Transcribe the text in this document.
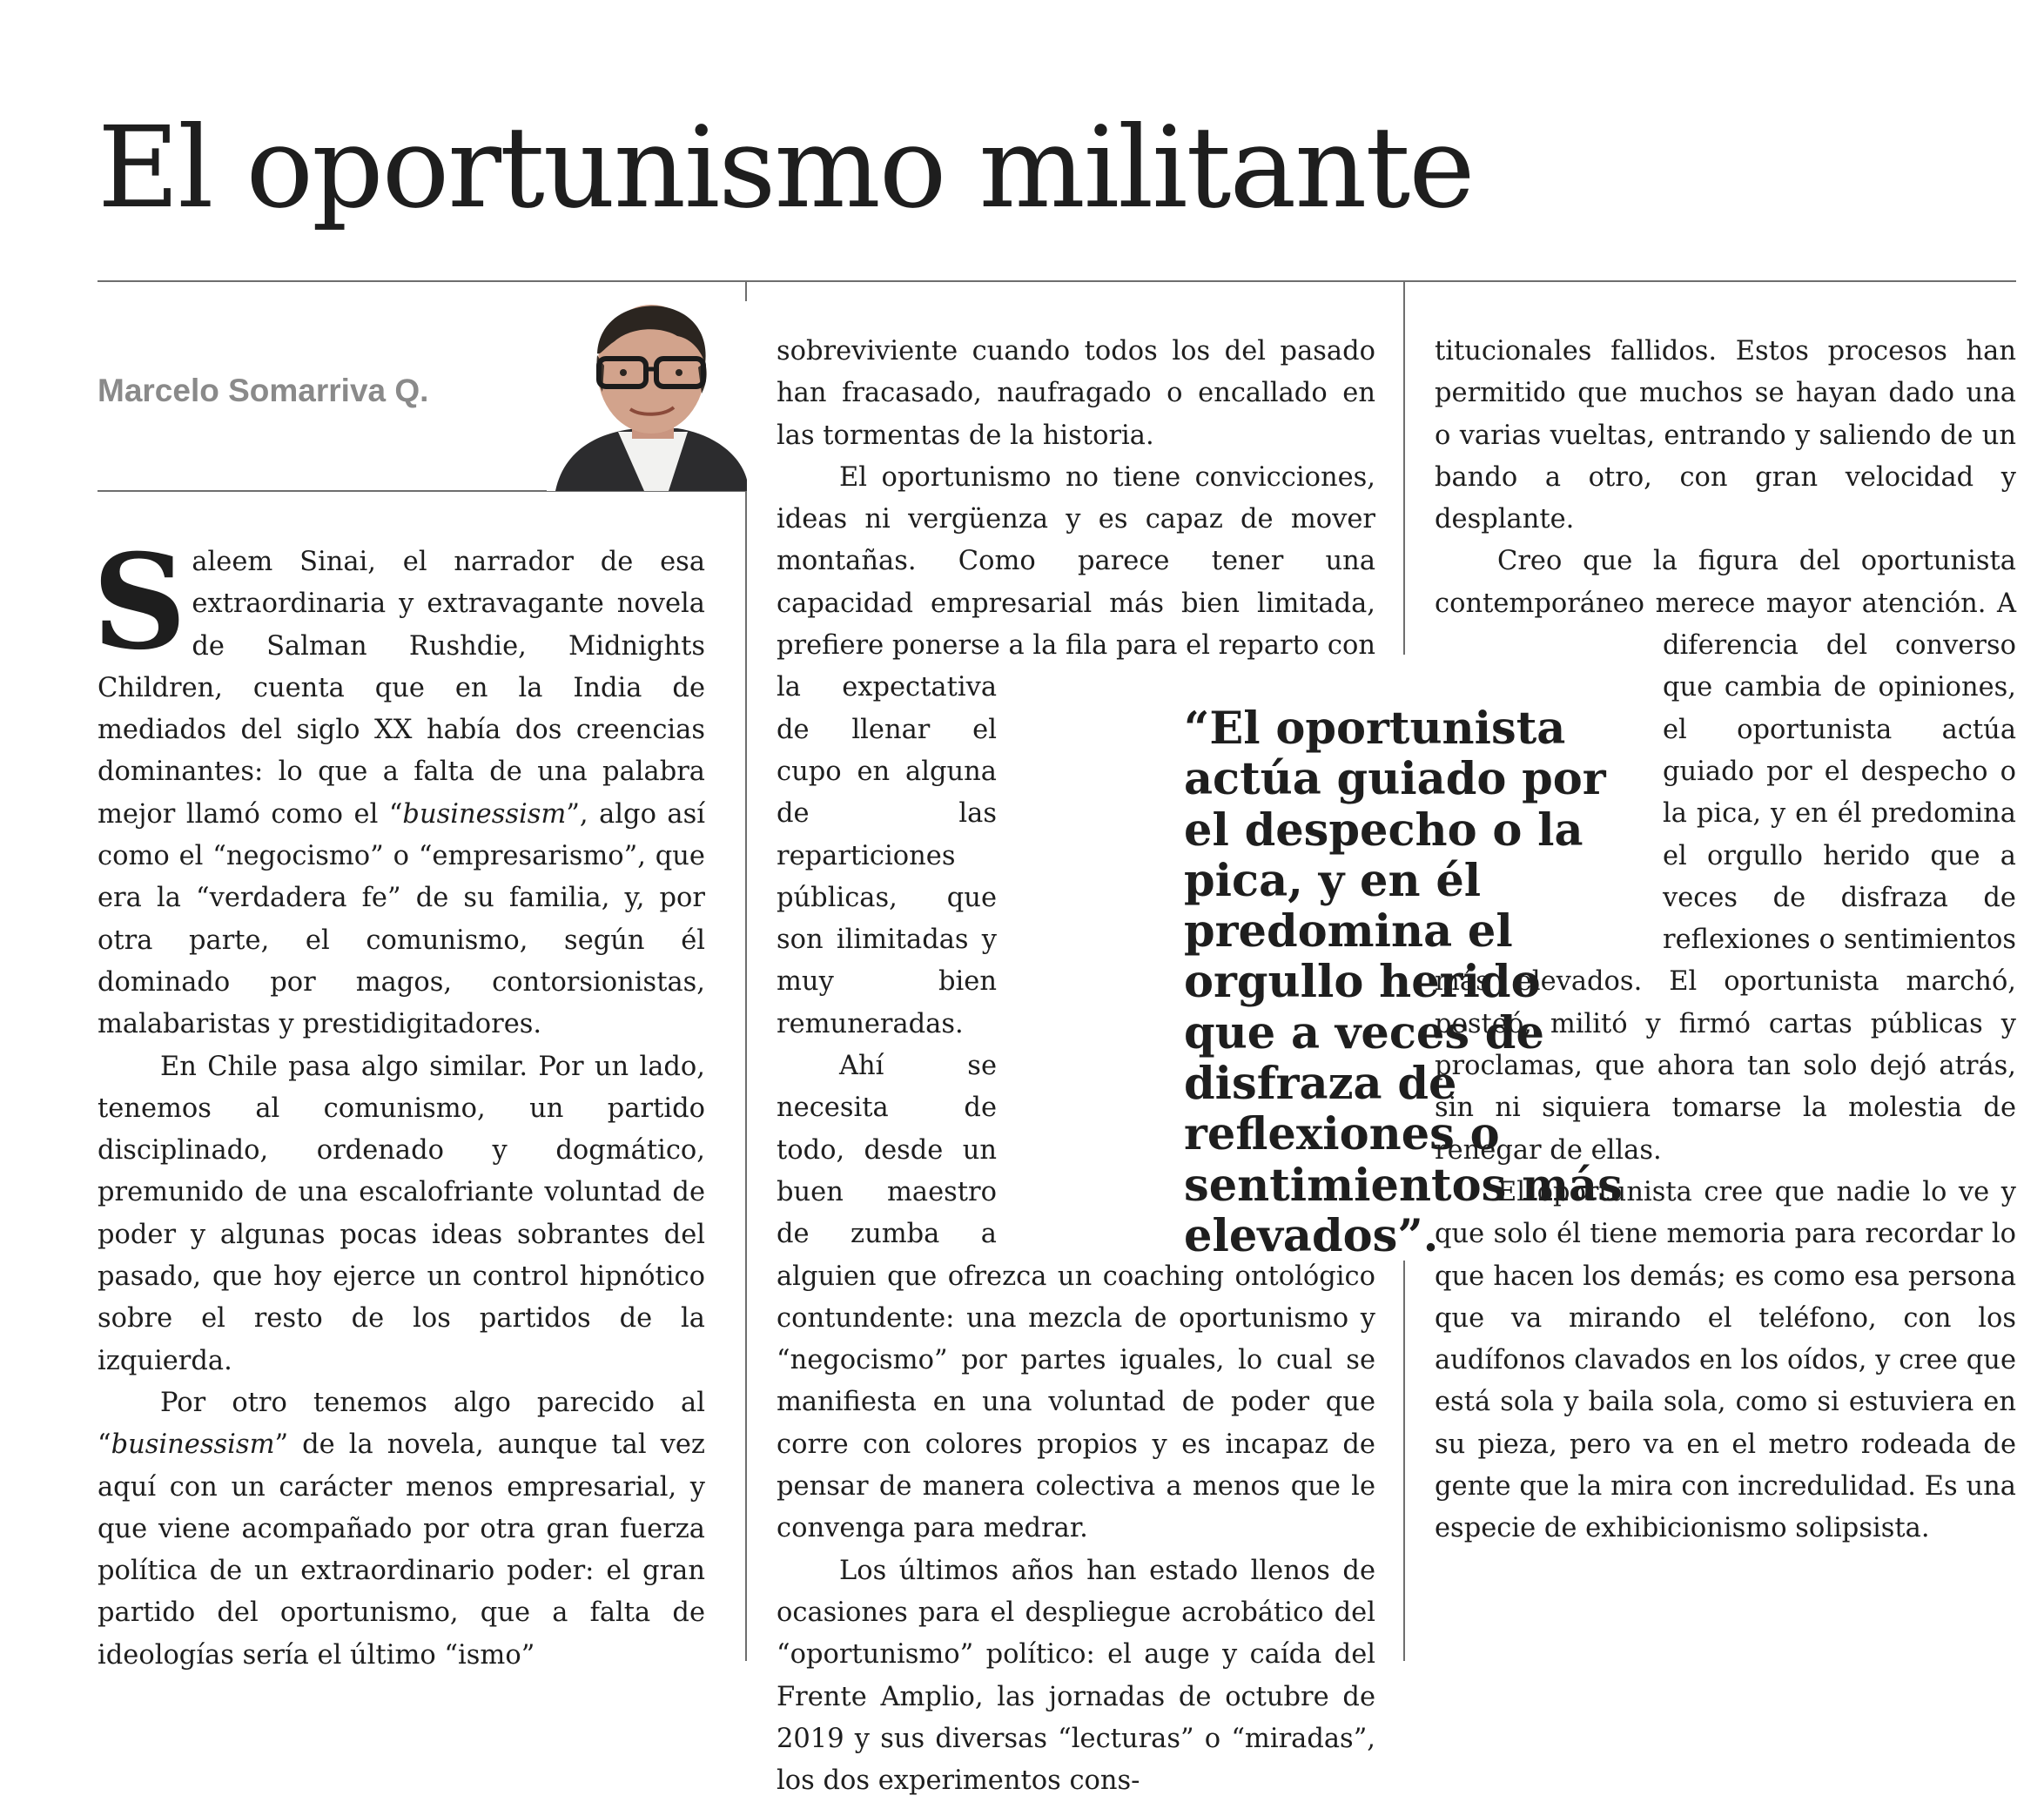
El oportunismo militante
Marcelo Somarriva Q.

Saleem Sinai, el narrador de esa extraordinaria y extravagante novela de Salman Rushdie, Midnights Children, cuenta que en la India de mediados del siglo XX había dos creencias dominantes: lo que a falta de una palabra mejor llamó como el “businessism”, algo así como el “negocismo” o “empresarismo”, que era la “verdadera fe” de su familia, y, por otra parte, el comunismo, según él dominado por magos, contorsionistas, malabaristas y prestidigitadores.

En Chile pasa algo similar. Por un lado, tenemos al comunismo, un partido disciplinado, ordenado y dogmático, premunido de una escalofriante voluntad de poder y algunas pocas ideas sobrantes del pasado, que hoy ejerce un control hipnótico sobre el resto de los partidos de la izquierda.

Por otro tenemos algo parecido al “businessism” de la novela, aunque tal vez aquí con un carácter menos empresarial, y que viene acompañado por otra gran fuerza política de un extraordinario poder: el gran partido del oportunismo, que a falta de ideologías sería el último “ismo”

sobreviviente cuando todos los del pasado han fracasado, naufragado o encallado en las tormentas de la historia.

El oportunismo no tiene convicciones, ideas ni vergüenza y es capaz de mover montañas. Como parece tener una capacidad empresarial más bien limitada, prefiere ponerse a la fila para el reparto con la expectativa de llenar el cupo en alguna de las reparticiones públicas, que son ilimitadas y muy bien remuneradas.

Ahí se necesita de todo, desde un buen maestro de zumba a alguien que ofrezca un coaching ontológico contundente: una mezcla de oportunismo y “negocismo” por partes iguales, lo cual se manifiesta en una voluntad de poder que corre con colores propios y es incapaz de pensar de manera colectiva a menos que le convenga para medrar.

Los últimos años han estado llenos de ocasiones para el despliegue acrobático del “oportunismo” político: el auge y caída del Frente Amplio, las jornadas de octubre de 2019 y sus diversas “lecturas” o “miradas”, los dos experimentos cons-

titucionales fallidos. Estos procesos han permitido que muchos se hayan dado una o varias vueltas, entrando y saliendo de un bando a otro, con gran velocidad y desplante.

Creo que la figura del oportunista contemporáneo merece mayor atención. A diferencia del converso que cambia de opiniones, el oportunista actúa guiado por el despecho o la pica, y en él predomina el orgullo herido que a veces de disfraza de reflexiones o sentimientos más elevados. El oportunista marchó, posteó, militó y firmó cartas públicas y proclamas, que ahora tan solo dejó atrás, sin ni siquiera tomarse la molestia de renegar de ellas.

El oportunista cree que nadie lo ve y que solo él tiene memoria para recordar lo que hacen los demás; es como esa persona que va mirando el teléfono, con los audífonos clavados en los oídos, y cree que está sola y baila sola, como si estuviera en su pieza, pero va en el metro rodeada de gente que la mira con incredulidad. Es una especie de exhibicionismo solipsista.

“El oportunista actúa guiado por el despecho o la pica, y en él predomina el orgullo herido que a veces de disfraza de reflexiones o sentimientos más elevados”.
